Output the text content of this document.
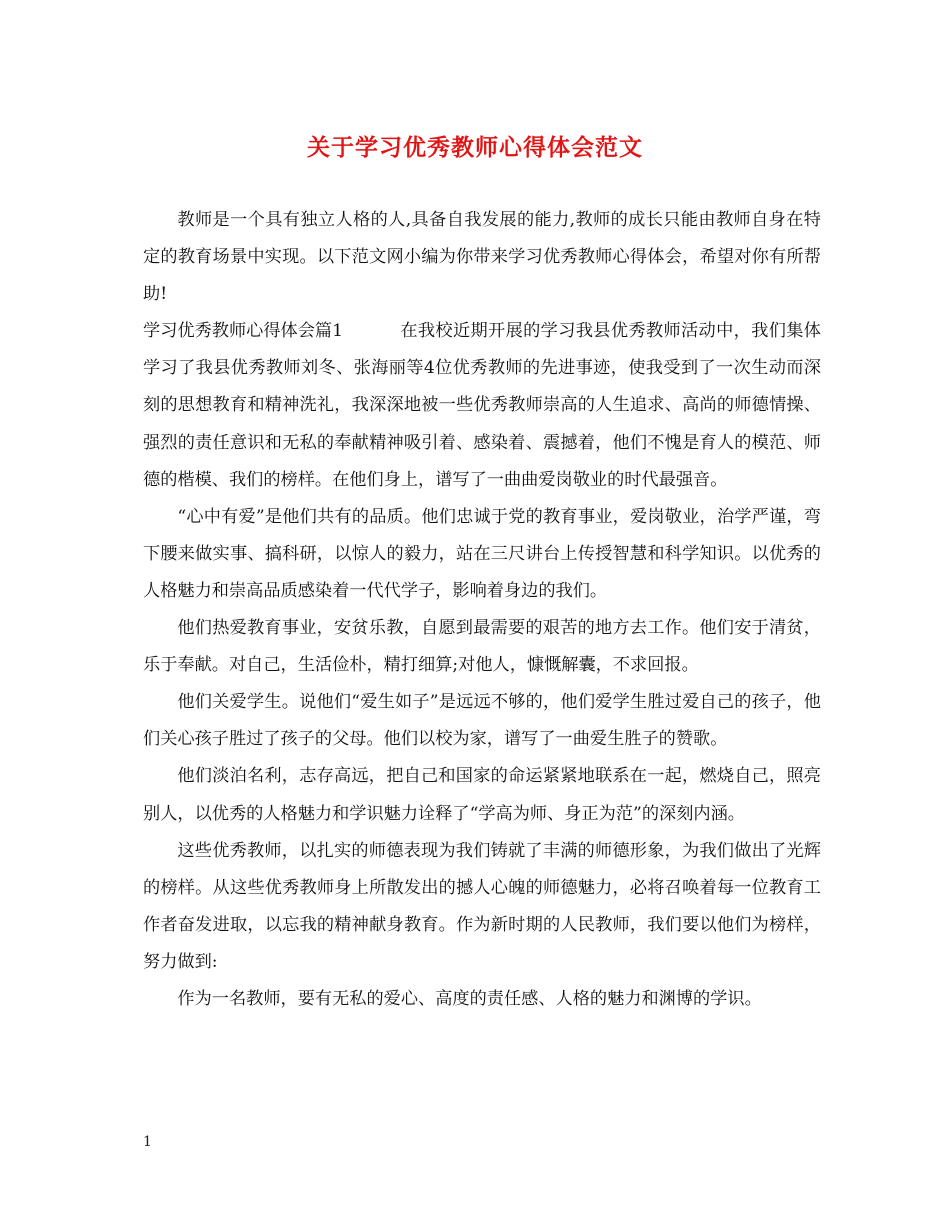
关于学习优秀教师心得体会范文

教师是一个具有独立人格的人,具备自我发展的能力,教师的成长只能由教师自身在特定的教育场景中实现。以下范文网小编为你带来学习优秀教师心得体会，希望对你有所帮助!

学习优秀教师心得体会篇1	在我校近期开展的学习我县优秀教师活动中，我们集体学习了我县优秀教师刘冬、张海丽等4位优秀教师的先进事迹，使我受到了一次生动而深刻的思想教育和精神洗礼，我深深地被一些优秀教师崇高的人生追求、高尚的师德情操、强烈的责任意识和无私的奉献精神吸引着、感染着、震撼着，他们不愧是育人的模范、师德的楷模、我们的榜样。在他们身上，谱写了一曲曲爱岗敬业的时代最强音。

“心中有爱”是他们共有的品质。他们忠诚于党的教育事业，爱岗敬业，治学严谨，弯下腰来做实事、搞科研，以惊人的毅力，站在三尺讲台上传授智慧和科学知识。以优秀的人格魅力和崇高品质感染着一代代学子，影响着身边的我们。

他们热爱教育事业，安贫乐教，自愿到最需要的艰苦的地方去工作。他们安于清贫，乐于奉献。对自己，生活俭朴，精打细算;对他人，慷慨解囊，不求回报。

他们关爱学生。说他们“爱生如子”是远远不够的，他们爱学生胜过爱自己的孩子，他们关心孩子胜过了孩子的父母。他们以校为家，谱写了一曲爱生胜子的赞歌。

他们淡泊名利，志存高远，把自己和国家的命运紧紧地联系在一起，燃烧自己，照亮别人，以优秀的人格魅力和学识魅力诠释了“学高为师、身正为范”的深刻内涵。

这些优秀教师，以扎实的师德表现为我们铸就了丰满的师德形象，为我们做出了光辉的榜样。从这些优秀教师身上所散发出的撼人心魄的师德魅力，必将召唤着每一位教育工作者奋发进取，以忘我的精神献身教育。作为新时期的人民教师，我们要以他们为榜样，努力做到:

作为一名教师，要有无私的爱心、高度的责任感、人格的魅力和渊博的学识。

1
